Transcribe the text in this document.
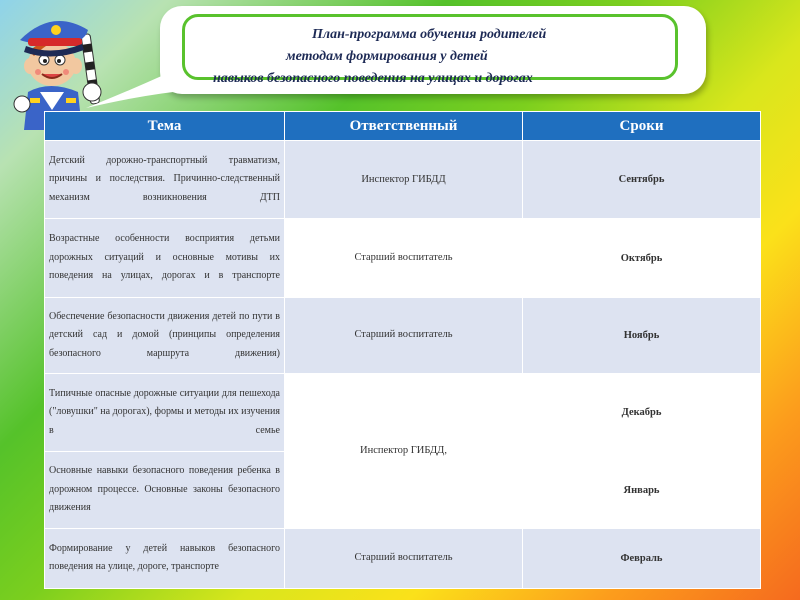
План-программа обучения родителей
методам формирования у детей
навыков безопасного поведения на улицах и дорогах
Тема	Ответственный	Сроки
Детский дорожно-транспортный травматизм, причины и последствия. Причинно-следственный механизм возникновения ДТП	Инспектор ГИБДД	Сентябрь
Возрастные особенности восприятия детьми дорожных ситуаций и основные мотивы их поведения на улицах, дорогах и в транспорте	Старший воспитатель	Октябрь
Обеспечение безопасности движения детей по пути в детский сад и домой (принципы определения безопасного маршрута движения)	Старший воспитатель	Ноябрь
Типичные опасные дорожные ситуации для пешехода ("ловушки" на дорогах), формы и методы их изучения в семье	Инспектор ГИБДД,	Декабрь
Основные навыки безопасного поведения ребенка в дорожном процессе. Основные законы безопасного движения		Январь
Формирование у детей навыков безопасного поведения на улице, дороге, транспорте	Старший воспитатель	Февраль
